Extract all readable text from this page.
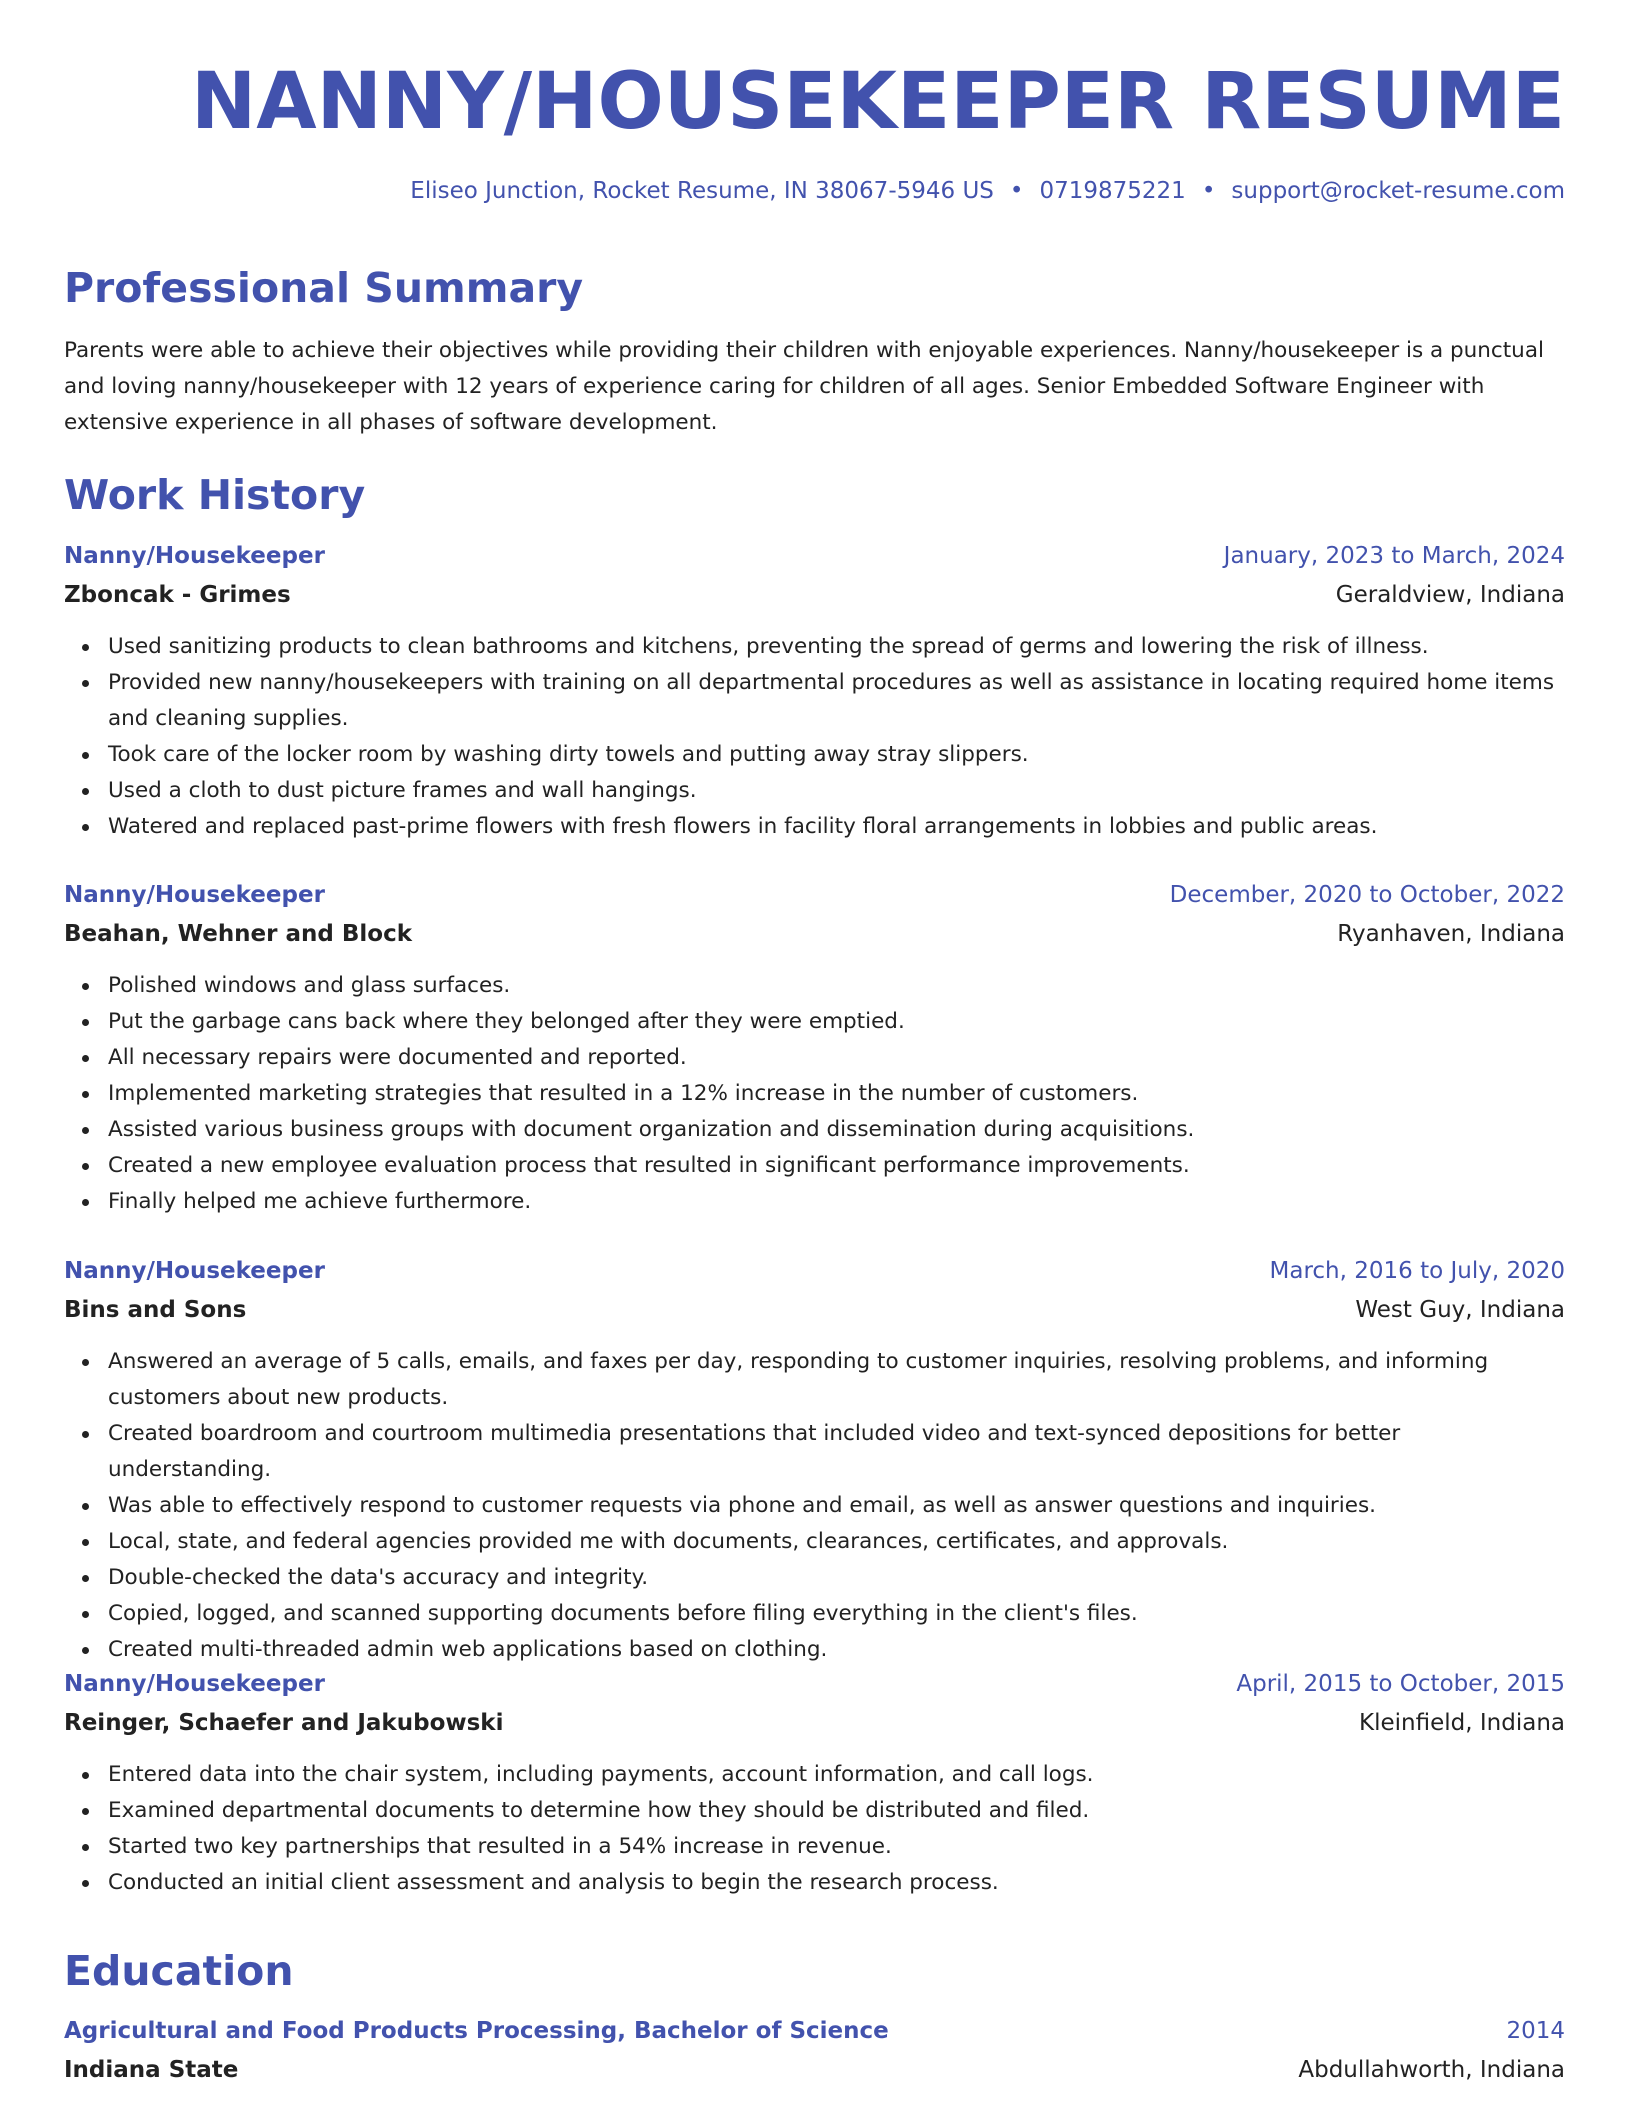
NANNY/HOUSEKEEPER RESUME
Eliseo Junction, Rocket Resume, IN 38067-5946 US • 0719875221 • support@rocket-resume.com
Professional Summary
Parents were able to achieve their objectives while providing their children with enjoyable experiences. Nanny/housekeeper is a punctual and loving nanny/housekeeper with 12 years of experience caring for children of all ages. Senior Embedded Software Engineer with extensive experience in all phases of software development.
Work History
Nanny/Housekeeper	January, 2023 to March, 2024
Zboncak - Grimes	Geraldview, Indiana
Used sanitizing products to clean bathrooms and kitchens, preventing the spread of germs and lowering the risk of illness.
Provided new nanny/housekeepers with training on all departmental procedures as well as assistance in locating required home items and cleaning supplies.
Took care of the locker room by washing dirty towels and putting away stray slippers.
Used a cloth to dust picture frames and wall hangings.
Watered and replaced past-prime flowers with fresh flowers in facility floral arrangements in lobbies and public areas.
Nanny/Housekeeper	December, 2020 to October, 2022
Beahan, Wehner and Block	Ryanhaven, Indiana
Polished windows and glass surfaces.
Put the garbage cans back where they belonged after they were emptied.
All necessary repairs were documented and reported.
Implemented marketing strategies that resulted in a 12% increase in the number of customers.
Assisted various business groups with document organization and dissemination during acquisitions.
Created a new employee evaluation process that resulted in significant performance improvements.
Finally helped me achieve furthermore.
Nanny/Housekeeper	March, 2016 to July, 2020
Bins and Sons	West Guy, Indiana
Answered an average of 5 calls, emails, and faxes per day, responding to customer inquiries, resolving problems, and informing customers about new products.
Created boardroom and courtroom multimedia presentations that included video and text-synced depositions for better understanding.
Was able to effectively respond to customer requests via phone and email, as well as answer questions and inquiries.
Local, state, and federal agencies provided me with documents, clearances, certificates, and approvals.
Double-checked the data's accuracy and integrity.
Copied, logged, and scanned supporting documents before filing everything in the client's files.
Created multi-threaded admin web applications based on clothing.
Nanny/Housekeeper	April, 2015 to October, 2015
Reinger, Schaefer and Jakubowski	Kleinfield, Indiana
Entered data into the chair system, including payments, account information, and call logs.
Examined departmental documents to determine how they should be distributed and filed.
Started two key partnerships that resulted in a 54% increase in revenue.
Conducted an initial client assessment and analysis to begin the research process.
Education
Agricultural and Food Products Processing, Bachelor of Science	2014
Indiana State	Abdullahworth, Indiana
